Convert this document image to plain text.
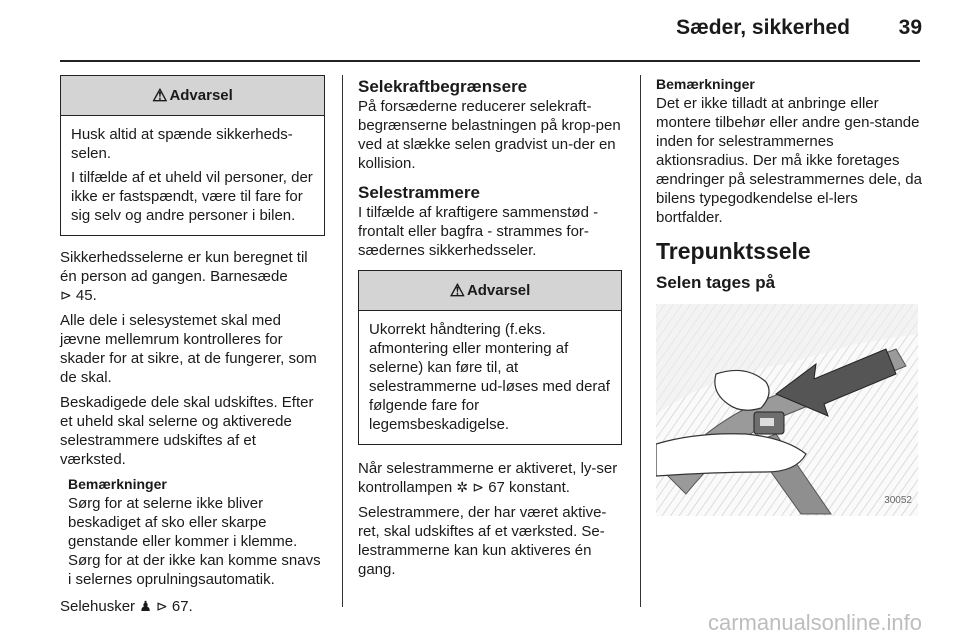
Sæder, sikkerhed 39
⚠ Advarsel

Husk altid at spænde sikkerheds-selen.

I tilfælde af et uheld vil personer, der ikke er fastspændt, være til fare for sig selv og andre personer i bilen.

Sikkerhedsselerne er kun beregnet til én person ad gangen. Barnesæde
⊳ 45.

Alle dele i selesystemet skal med jævne mellemrum kontrolleres for skader for at sikre, at de fungerer, som de skal.

Beskadigede dele skal udskiftes. Efter et uheld skal selerne og aktiverede selestrammere udskiftes af et værksted.

Bemærkninger

Sørg for at selerne ikke bliver beskadiget af sko eller skarpe genstande eller kommer i klemme. Sørg for at der ikke kan komme snavs i selernes oprulningsautomatik.

Selehusker ♟ ⊳ 67.

Selekraftbegrænsere

På forsæderne reducerer selekraft-begrænserne belastningen på krop-pen ved at slække selen gradvist un-der en kollision.

Selestrammere

I tilfælde af kraftigere sammenstød - frontalt eller bagfra - strammes for-sædernes sikkerhedsseler.

⚠ Advarsel

Ukorrekt håndtering (f.eks. afmontering eller montering af selerne) kan føre til, at selestrammerne ud-løses med deraf følgende fare for legemsbeskadigelse.

Når selestrammerne er aktiveret, ly-ser kontrollampen ✲ ⊳ 67 konstant.

Selestrammere, der har været aktive-ret, skal udskiftes af et værksted. Se-lestrammerne kan kun aktiveres én gang.

Bemærkninger

Det er ikke tilladt at anbringe eller montere tilbehør eller andre gen-stande inden for selestrammernes aktionsradius. Der må ikke foretages ændringer på selestrammernes dele, da bilens typegodkendelse el-lers bortfalder.

Trepunktssele
Selen tages på
30052
carmanualsonline.info
